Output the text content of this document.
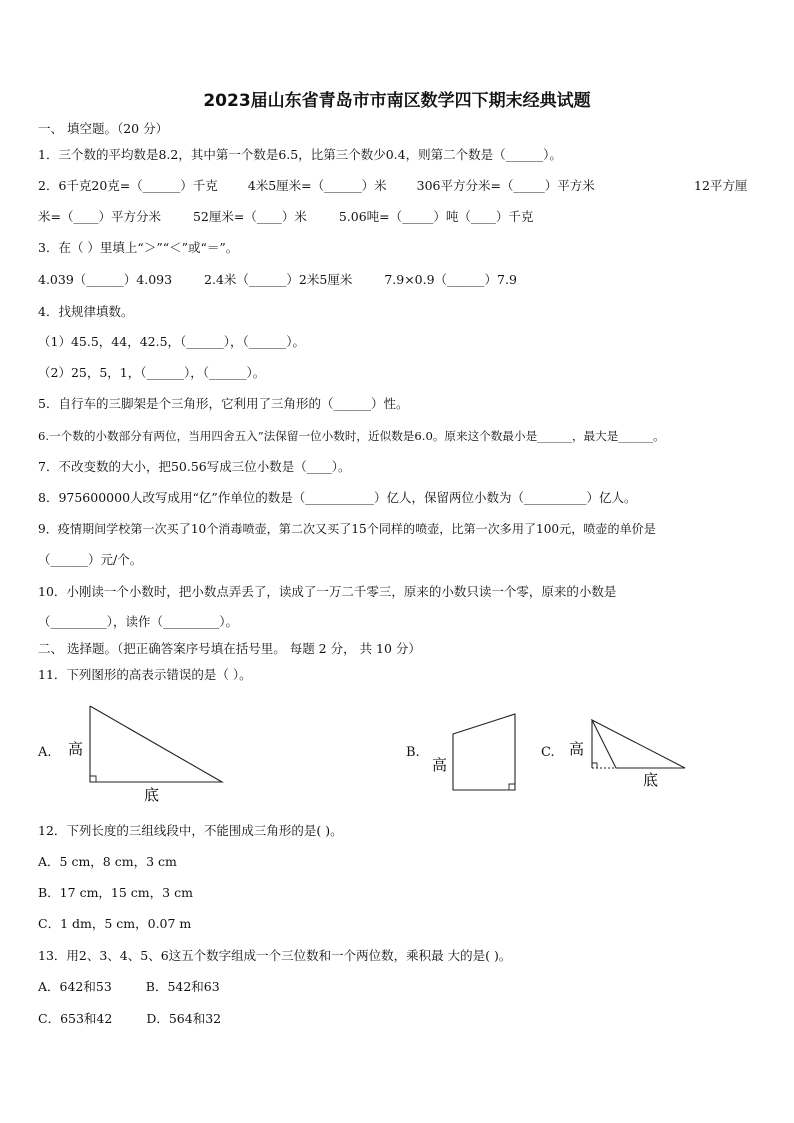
2023届山东省青岛市市南区数学四下期末经典试题
一、 填空题。（20 分）
1．三个数的平均数是8.2，其中第一个数是6.5，比第三个数少0.4，则第二个数是（______）。
2．6千克20克=（______）千克 4米5厘米=（______）米 306平方分米=（_____）平方米	12平方厘
米=（____）平方分米	52厘米=（____）米	5.06吨=（_____）吨（____）千克
3．在（ ）里填上“＞”“＜”或“＝”。
4.039（______）4.093	2.4米（______）2米5厘米	7.9×0.9（______）7.9
4．找规律填数。
（1）45.5，44，42.5，（______），（______）。
（2）25，5，1，（______），（______）。
5．自行车的三脚架是个三角形，它利用了三角形的（______）性。
6.一个数的小数部分有两位，当用四舍五入”法保留一位小数时，近似数是6.0。原来这个数最小是______，最大是______。
7．不改变数的大小，把50.56写成三位小数是（____）。
8．975600000人改写成用“亿”作单位的数是（___________）亿人，保留两位小数为（__________）亿人。
9．疫情期间学校第一次买了10个消毒喷壶，第二次又买了15个同样的喷壶，比第一次多用了100元，喷壶的单价是
（______）元/个。
10．小刚读一个小数时，把小数点弄丢了，读成了一万二千零三，原来的小数只读一个零，原来的小数是
（_________），读作（_________）。
二、 选择题。（把正确答案序号填在括号里。 每题 2 分， 共 10 分）
11．下列图形的高表示错误的是（ ）。
A. 高
底
B.
高
C. 高
底
12．下列长度的三组线段中，不能围成三角形的是( )。
A．5 cm，8 cm，3 cm
B．17 cm，15 cm，3 cm
C．1 dm，5 cm，0.07 m
13．用2、3、4、5、6这五个数字组成一个三位数和一个两位数，乘积最 大的是( )。
A．642和53	B．542和63
C．653和42	D．564和32
